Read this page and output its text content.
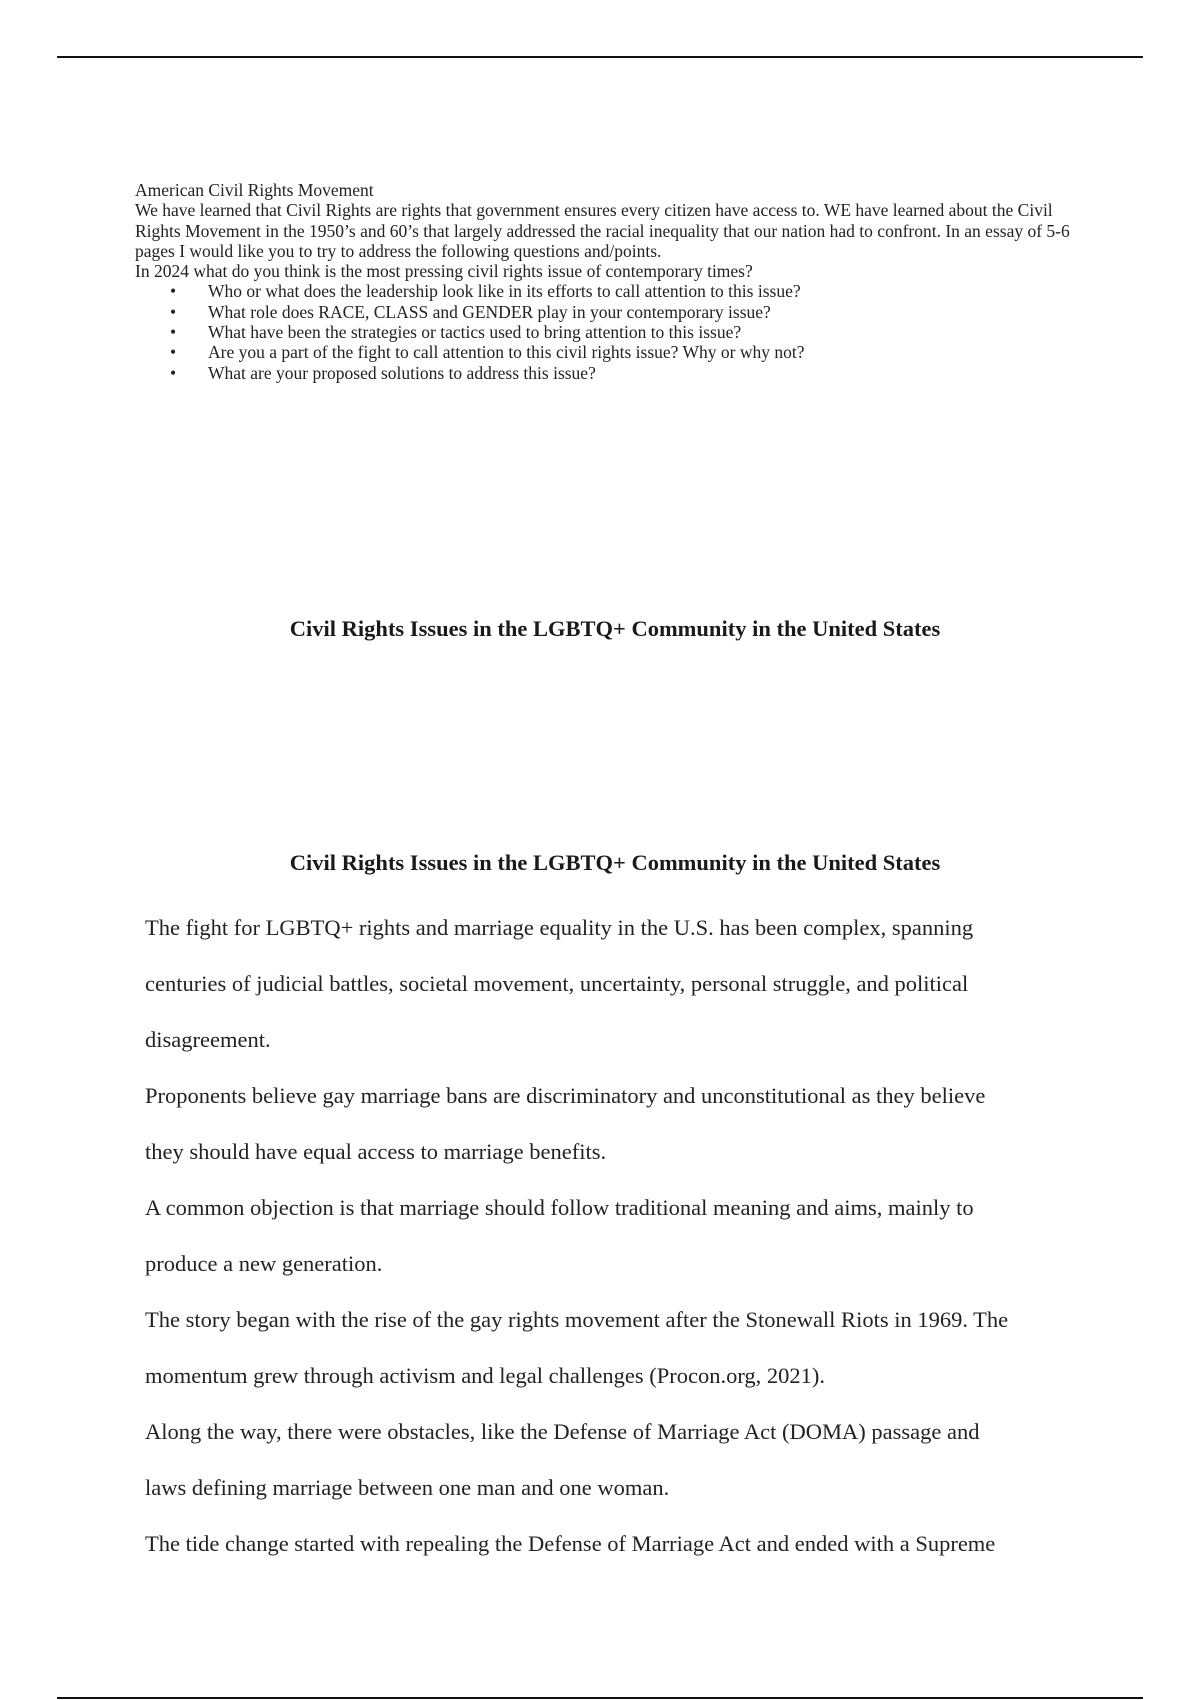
American Civil Rights Movement

We have learned that Civil Rights are rights that government ensures every citizen have access to. WE have learned about the Civil Rights Movement in the 1950’s and 60’s that largely addressed the racial inequality that our nation had to confront. In an essay of 5-6 pages I would like you to try to address the following questions and/points.

In 2024 what do you think is the most pressing civil rights issue of contemporary times?

• Who or what does the leadership look like in its efforts to call attention to this issue?
• What role does RACE, CLASS and GENDER play in your contemporary issue?
• What have been the strategies or tactics used to bring attention to this issue?
• Are you a part of the fight to call attention to this civil rights issue? Why or why not?
• What are your proposed solutions to address this issue?
Civil Rights Issues in the LGBTQ+ Community in the United States
Civil Rights Issues in the LGBTQ+ Community in the United States

The fight for LGBTQ+ rights and marriage equality in the U.S. has been complex, spanning

centuries of judicial battles, societal movement, uncertainty, personal struggle, and political

disagreement.

Proponents believe gay marriage bans are discriminatory and unconstitutional as they believe

they should have equal access to marriage benefits.

A common objection is that marriage should follow traditional meaning and aims, mainly to

produce a new generation.

The story began with the rise of the gay rights movement after the Stonewall Riots in 1969. The

momentum grew through activism and legal challenges (Procon.org, 2021).

Along the way, there were obstacles, like the Defense of Marriage Act (DOMA) passage and

laws defining marriage between one man and one woman.

The tide change started with repealing the Defense of Marriage Act and ended with a Supreme
